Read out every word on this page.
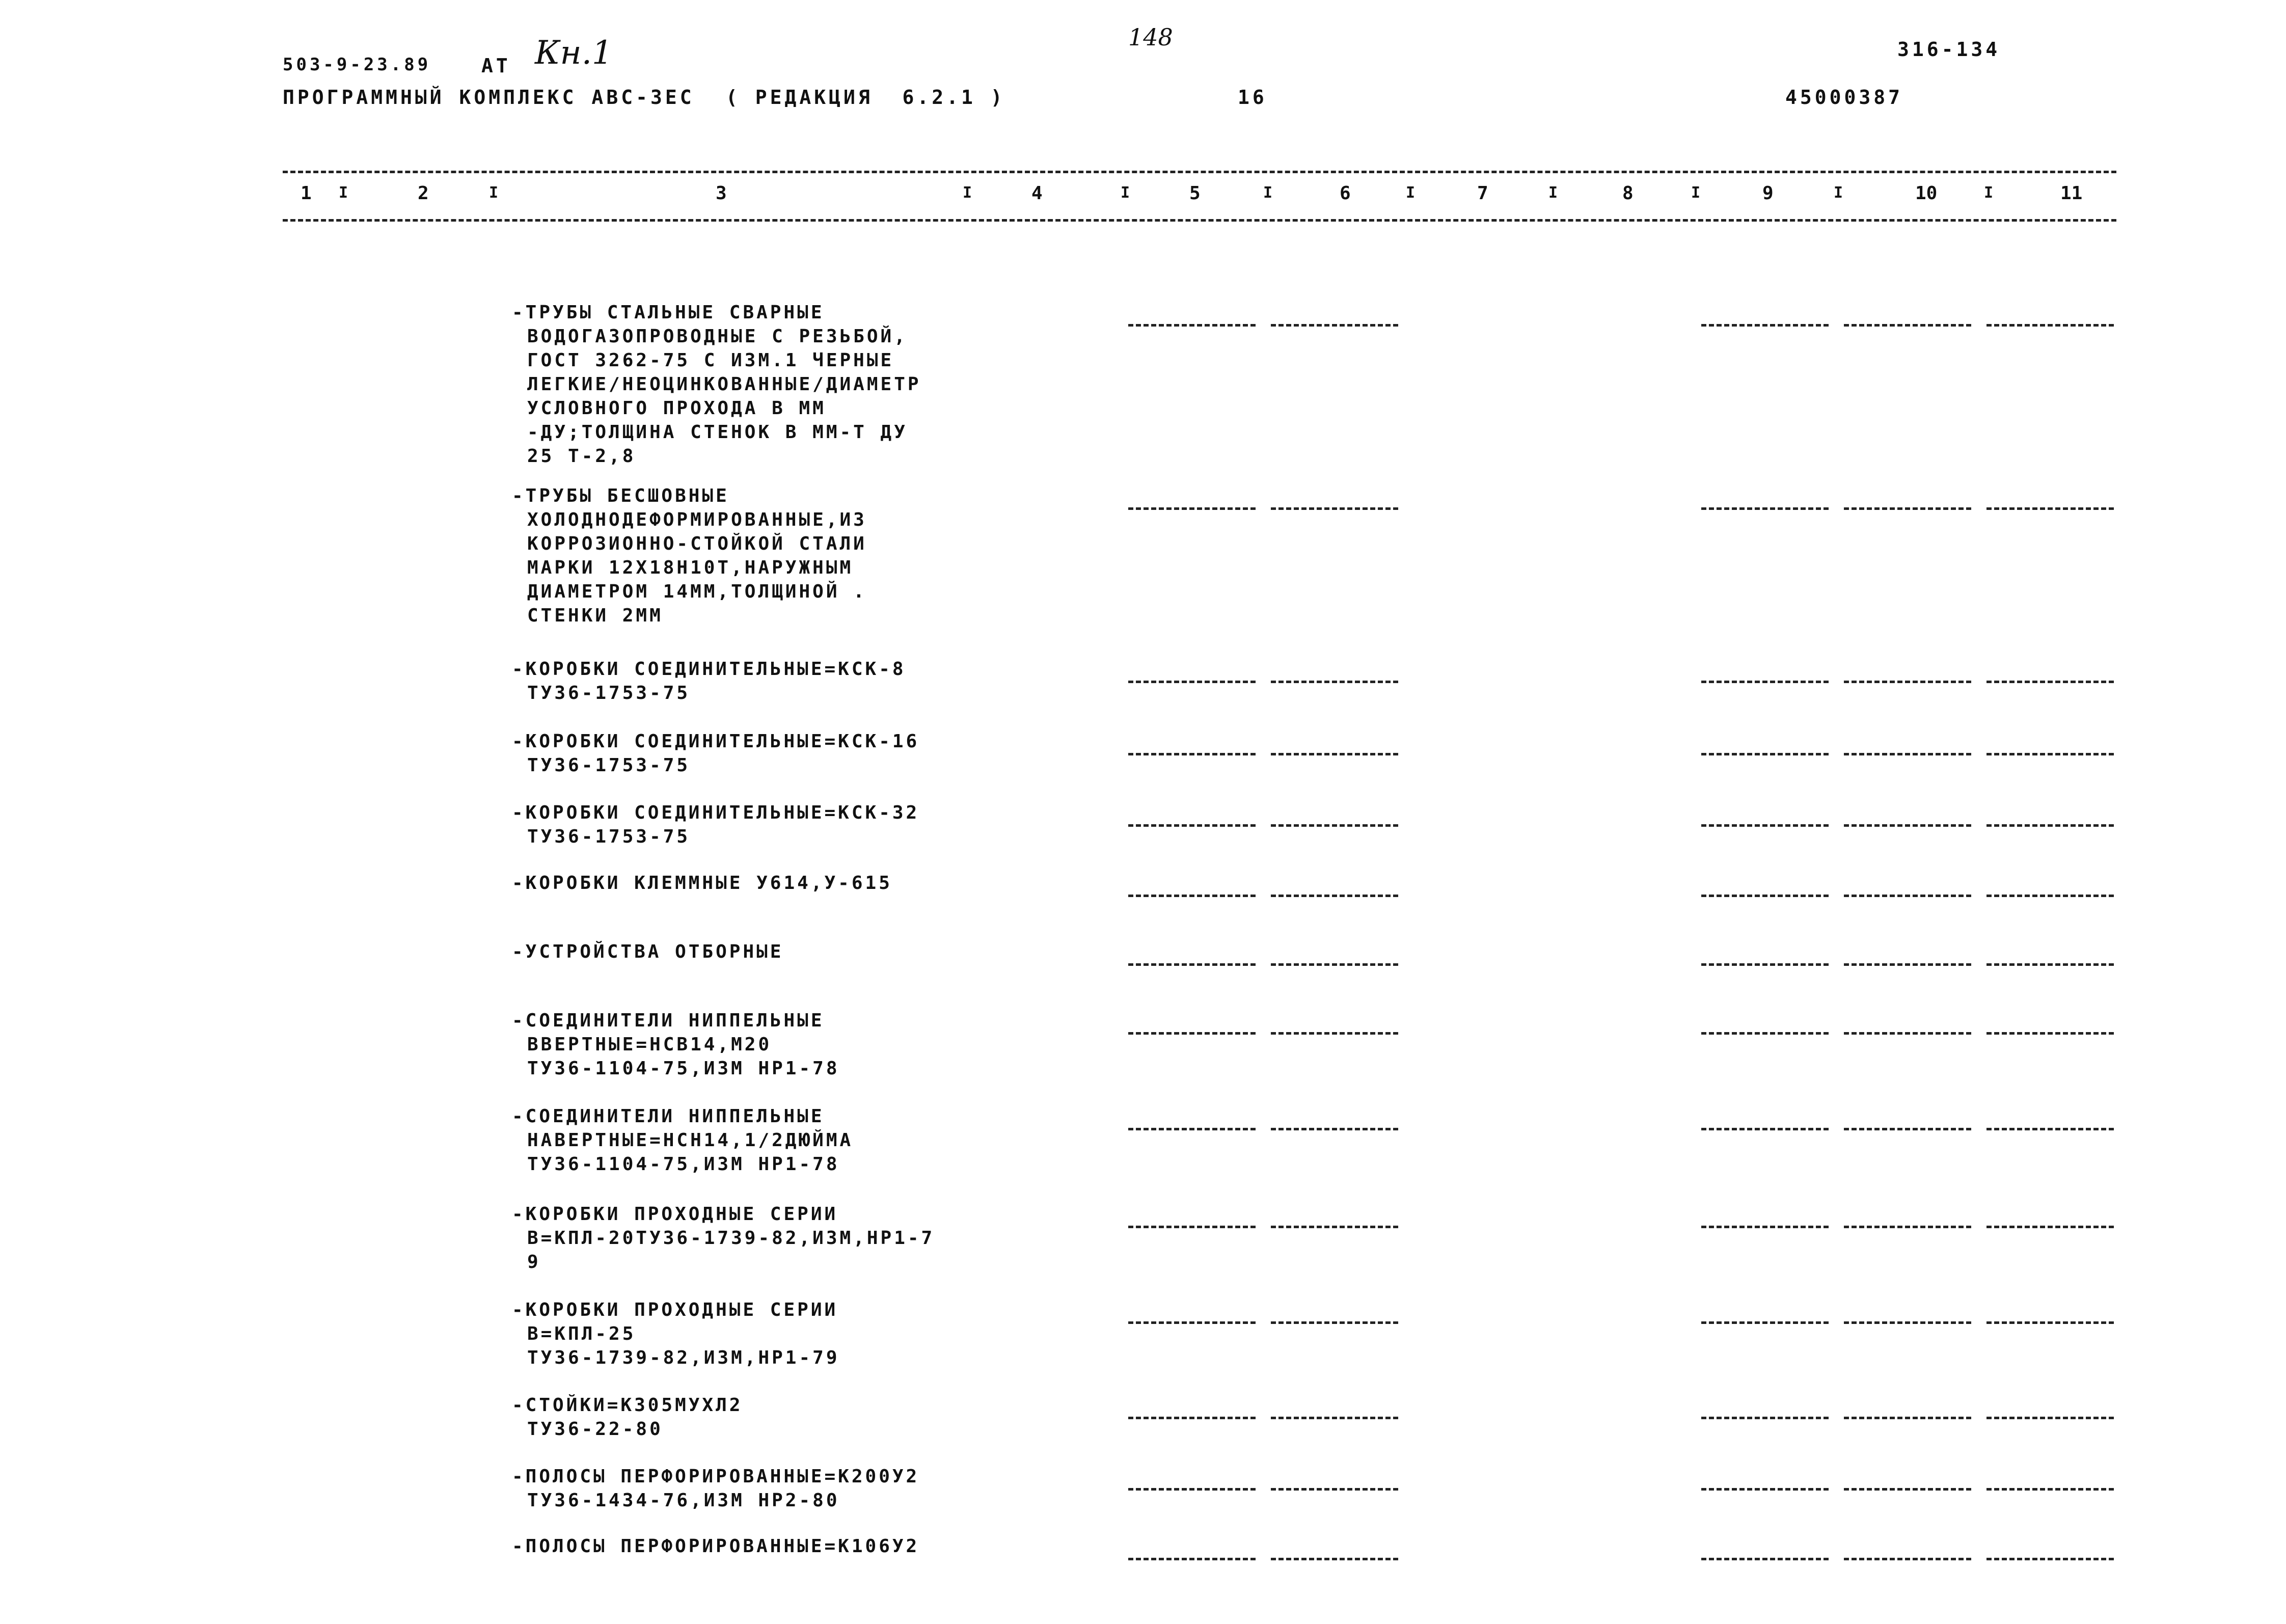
503-9-23.89	АТ Кн.1	148	316-134
ПРОГРАММНЫЙ КОМПЛЕКС АВС-3ЕС ( РЕДАКЦИЯ  6.2.1 )	16	45000387
1	2	3	4	5	6	7	8	9	10	11
I	I	I	I	I	I	I	I	I	I
-ТРУБЫ СТАЛЬНЫЕ СВАРНЫЕ
ВОДОГАЗОПРОВОДНЫЕ С РЕЗЬБОЙ,
ГОСТ 3262-75 С ИЗМ.1 ЧЕРНЫЕ
ЛЕГКИЕ/НЕОЦИНКОВАННЫЕ/ДИАМЕТР
УСЛОВНОГО ПРОХОДА В ММ
-ДУ;ТОЛЩИНА СТЕНОК В ММ-Т ДУ
25 Т-2,8
-ТРУБЫ БЕСШОВНЫЕ
ХОЛОДНОДЕФОРМИРОВАННЫЕ,ИЗ
КОРРОЗИОННО-СТОЙКОЙ СТАЛИ
МАРКИ 12Х18Н10Т,НАРУЖНЫМ
ДИАМЕТРОМ 14ММ,ТОЛЩИНОЙ .
СТЕНКИ 2ММ
-КОРОБКИ СОЕДИНИТЕЛЬНЫЕ=КСК-8
ТУ36-1753-75
-КОРОБКИ СОЕДИНИТЕЛЬНЫЕ=КСК-16
ТУ36-1753-75
-КОРОБКИ СОЕДИНИТЕЛЬНЫЕ=КСК-32
ТУ36-1753-75
-КОРОБКИ КЛЕММНЫЕ У614,У-615
-УСТРОЙСТВА ОТБОРНЫЕ
-СОЕДИНИТЕЛИ НИППЕЛЬНЫЕ
ВВЕРТНЫЕ=НСВ14,М20
ТУ36-1104-75,ИЗМ НР1-78
-СОЕДИНИТЕЛИ НИППЕЛЬНЫЕ
НАВЕРТНЫЕ=НСН14,1/2ДЮЙМА
ТУ36-1104-75,ИЗМ НР1-78
-КОРОБКИ ПРОХОДНЫЕ СЕРИИ
В=КПЛ-20ТУ36-1739-82,ИЗМ,НР1-7
9
-КОРОБКИ ПРОХОДНЫЕ СЕРИИ
В=КПЛ-25
ТУ36-1739-82,ИЗМ,НР1-79
-СТОЙКИ=К305МУХЛ2
ТУ36-22-80
-ПОЛОСЫ ПЕРФОРИРОВАННЫЕ=К200У2
ТУ36-1434-76,ИЗМ НР2-80
-ПОЛОСЫ ПЕРФОРИРОВАННЫЕ=К106У2
